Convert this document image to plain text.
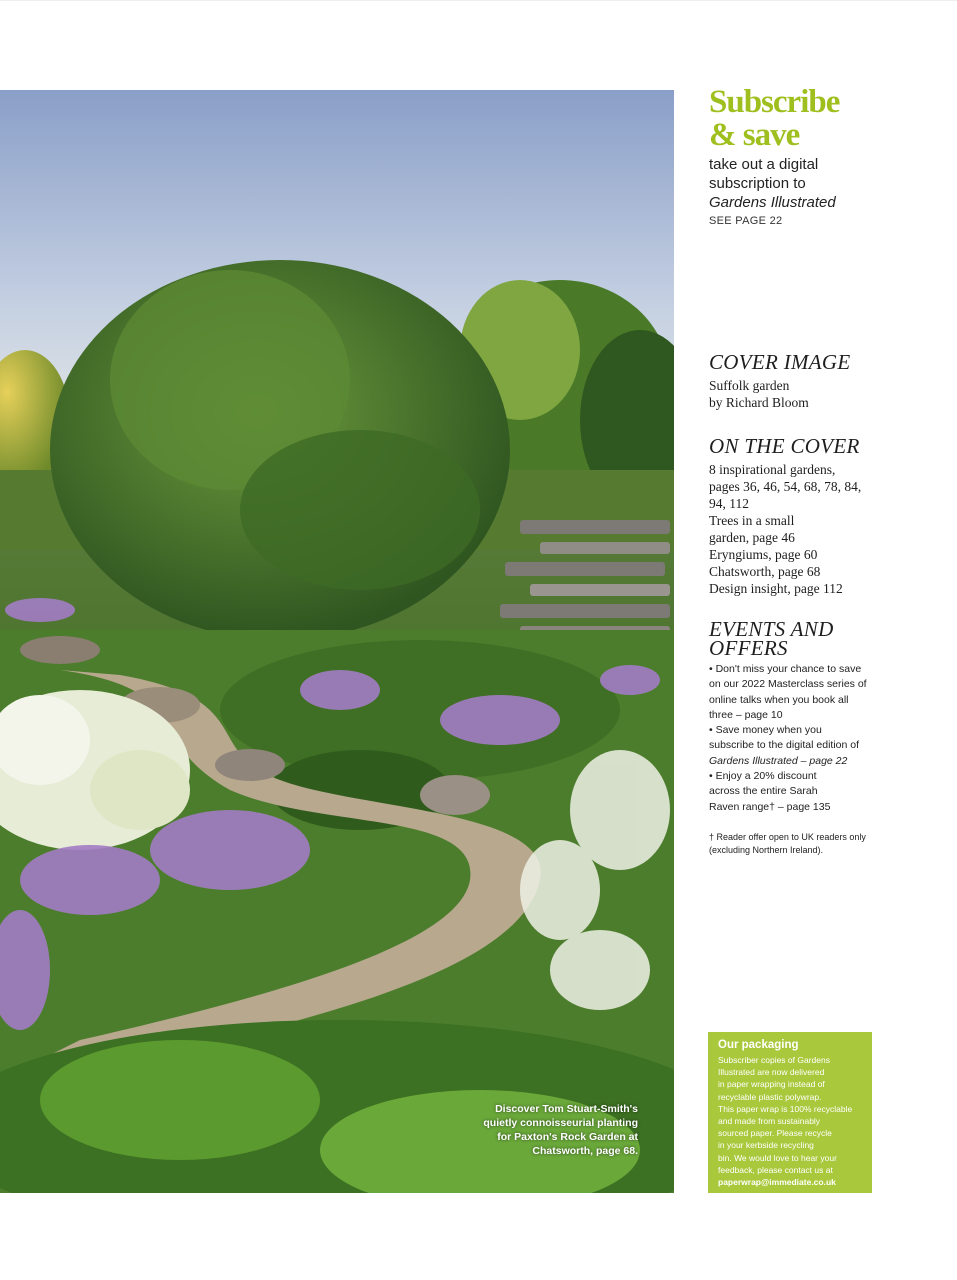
Discover Tom Stuart-Smith's
quietly connoisseurial planting
for Paxton's Rock Garden at
Chatsworth, page 68.
Subscribe
& save
take out a digital
subscription to
Gardens Illustrated
SEE PAGE 22
COVER IMAGE
Suffolk garden
by Richard Bloom
ON THE COVER
8 inspirational gardens,
pages 36, 46, 54, 68, 78, 84,
94, 112
Trees in a small
garden, page 46
Eryngiums, page 60
Chatsworth, page 68
Design insight, page 112
EVENTS AND
OFFERS
• Don't miss your chance to save
on our 2022 Masterclass series of
online talks when you book all
three – page 10
• Save money when you
subscribe to the digital edition of
Gardens Illustrated – page 22
• Enjoy a 20% discount
across the entire Sarah
Raven range† – page 135
† Reader offer open to UK readers only
(excluding Northern Ireland).
Our packaging
Subscriber copies of Gardens
Illustrated are now delivered
in paper wrapping instead of
recyclable plastic polywrap.
This paper wrap is 100% recyclable
and made from sustainably
sourced paper. Please recycle
in your kerbside recycling
bin. We would love to hear your
feedback, please contact us at
paperwrap@immediate.co.uk
